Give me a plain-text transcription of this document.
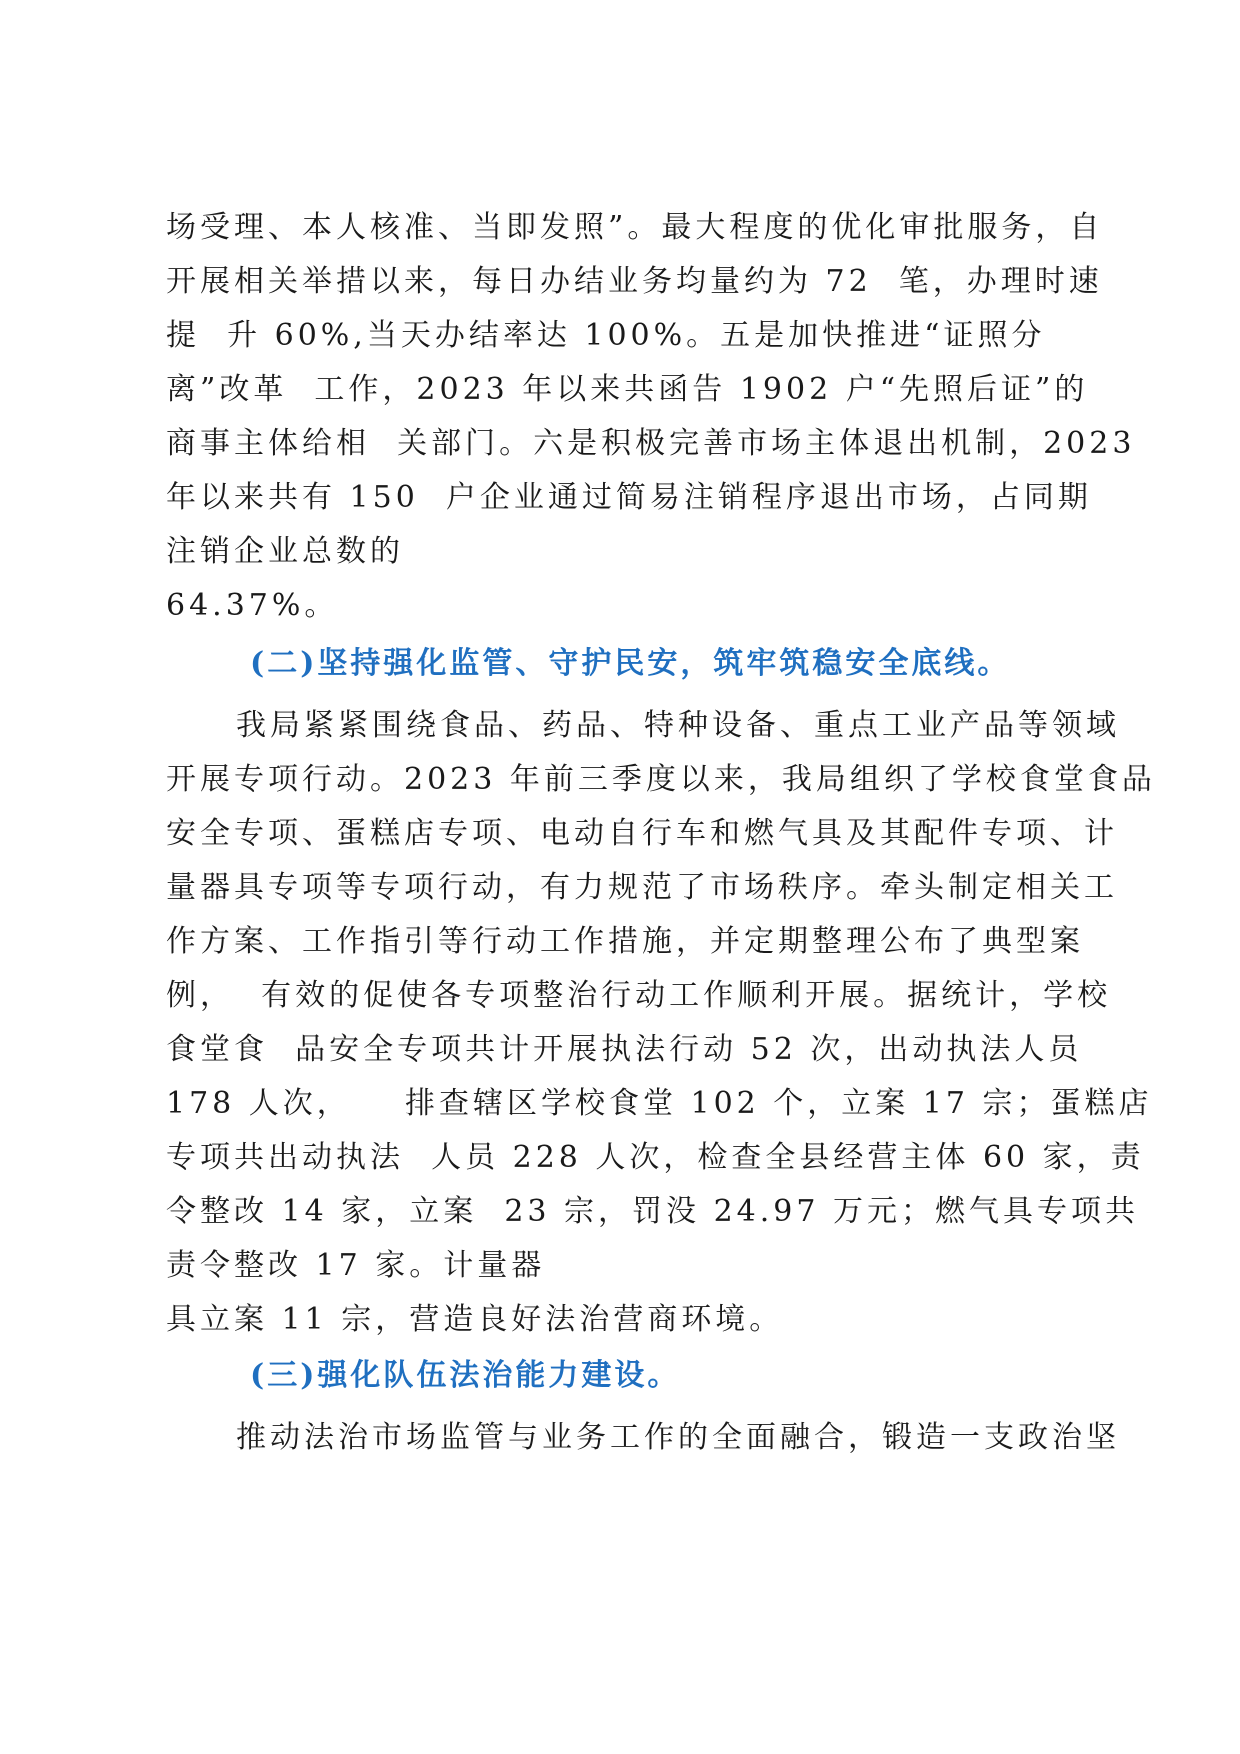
场受理、本人核准、当即发照”。最大程度的优化审批服务，自
开展相关举措以来，每日办结业务均量约为 72  笔，办理时速
提  升 60%,当天办结率达 100%。五是加快推进“证照分
离”改革  工作，2023 年以来共函告 1902 户“先照后证”的
商事主体给相  关部门。六是积极完善市场主体退出机制，2023
年以来共有 150  户企业通过简易注销程序退出市场，占同期
注销企业总数的
64.37%。
(二)坚持强化监管、守护民安，筑牢筑稳安全底线。
我局紧紧围绕食品、药品、特种设备、重点工业产品等领域
开展专项行动。2023 年前三季度以来，我局组织了学校食堂食品
安全专项、蛋糕店专项、电动自行车和燃气具及其配件专项、计
量器具专项等专项行动，有力规范了市场秩序。牵头制定相关工
作方案、工作指引等行动工作措施，并定期整理公布了典型案
例，  有效的促使各专项整治行动工作顺利开展。据统计，学校
食堂食  品安全专项共计开展执法行动 52 次，出动执法人员
178 人次，    排查辖区学校食堂 102 个，立案 17 宗；蛋糕店
专项共出动执法  人员 228 人次，检查全县经营主体 60 家，责
令整改 14 家，立案  23 宗，罚没 24.97 万元；燃气具专项共
责令整改 17 家。计量器
具立案 11 宗，营造良好法治营商环境。
(三)强化队伍法治能力建设。
推动法治市场监管与业务工作的全面融合，锻造一支政治坚
